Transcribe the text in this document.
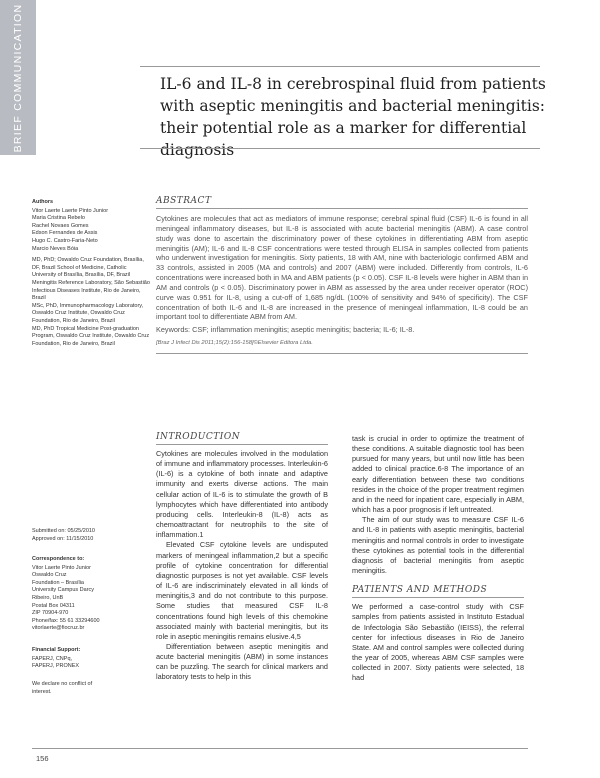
BRIEF COMMUNICATION	IL-6 and IL-8 in cerebrospinal fluid from patients with aseptic meningitis and bacterial meningitis: their potential role as a marker for differential diagnosis

Authors

Vitor Laerte Laerte Pinto Junior

Maria Cristina Rebelo

Rachel Novaes Gomes

Edson Fernandes de Assis

Hugo C. Castro-Faria-Neto

Marcio Neves Bóia

MD, PhD; Oswaldo Cruz Foundation, Brasília, DF, Brazil School of Medicine, Catholic University of Brasília, Brasília, DF, Brazil

Meningitis Reference Laboratory, São Sebastião Infectious Diseases Institute, Rio de Janeiro, Brazil

MSc, PhD, Immunopharmacology Laboratory, Oswaldo Cruz Institute, Oswaldo Cruz Foundation, Rio de Janeiro, Brazil

MD, PhD Tropical Medicine Post-graduation Program, Oswaldo Cruz Institute, Oswaldo Cruz Foundation, Rio de Janeiro, Brazil

Submitted on: 05/25/2010

Approved on: 11/15/2010

Correspondence to:

Vitor Laerte Pinto Junior

Oswaldo Cruz

Foundation – Brasília

University Campus Darcy

Ribeiro, UnB

Postal Box 04311

ZIP 70904-970

Phone/fax: 55 61 33294600

vitorlaerte@fiocruz.br

Financial Support:

FAPERJ, CNPq, FAPERJ, PRONEX

We declare no conflict of interest.

ABSTRACT

Cytokines are molecules that act as mediators of immune response; cerebral spinal fluid (CSF) IL-6 is found in all meningeal inflammatory diseases, but IL-8 is associated with acute bacterial meningitis (ABM). A case control study was done to ascertain the discriminatory power of these cytokines in differentiating ABM from aseptic meningitis (AM); IL-6 and IL-8 CSF concentrations were tested through ELISA in samples collected from patients who underwent investigation for meningitis. Sixty patients, 18 with AM, nine with bacteriologic confirmed ABM and 33 controls, assisted in 2005 (MA and controls) and 2007 (ABM) were included. Differently from controls, IL-6 concentrations were increased both in MA and ABM patients (p < 0.05). CSF IL-8 levels were higher in ABM than in AM and controls (p < 0.05). Discriminatory power in ABM as assessed by the area under receiver operator (ROC) curve was 0.951 for IL-8, using a cut-off of 1,685 ng/dL (100% of sensitivity and 94% of specificity). The CSF concentration of both IL-6 and IL-8 are increased in the presence of meningeal inflammation, IL-8 could be an important tool to differentiate ABM from AM.

Keywords: CSF; inflammation meningitis; aseptic meningitis; bacteria; IL-6; IL-8.
[Braz J Infect Dis 2011;15(2):156-158]©Elsevier Editora Ltda.
INTRODUCTION

Cytokines are molecules involved in the modulation of immune and inflammatory processes. Interleukin-6 (IL-6) is a cytokine of both innate and adaptive immunity and exerts diverse actions. The main cellular action of IL-6 is to stimulate the growth of B lymphocytes which have differentiated into antibody producing cells. Interleukin-8 (IL-8) acts as chemoattractant for neutrophils to the site of inflammation.1

Elevated CSF cytokine levels are undisputed markers of meningeal inflammation,2 but a specific profile of cytokine concentration for differential diagnostic purposes is not yet available. CSF levels of IL-6 are indiscriminately elevated in all kinds of meningitis,3 and do not contribute to this purpose. Some studies that measured CSF IL-8 concentrations found high levels of this chemokine associated mainly with bacterial meningitis, but its role in aseptic meningitis remains elusive.4,5

Differentiation between aseptic meningitis and acute bacterial meningitis (ABM) in some instances can be puzzling. The search for clinical markers and laboratory tests to help in this

task is crucial in order to optimize the treatment of these conditions. A suitable diagnostic tool has been pursued for many years, but until now little has been added to clinical practice.6-8 The importance of an early differentiation between these two conditions resides in the choice of the proper treatment regimen and in the need for inpatient care, especially in ABM, which has a poor prognosis if left untreated.

The aim of our study was to measure CSF IL-6 and IL-8 in patients with aseptic meningitis, bacterial meningitis and normal controls in order to investigate these cytokines as potential tools in the differential diagnosis of bacterial meningitis from aseptic meningitis.

PATIENTS AND METHODS

We performed a case-control study with CSF samples from patients assisted in Instituto Estadual de Infectologia São Sebastião (IEISS), the referral center for infectious diseases in Rio de Janeiro State. AM and control samples were collected during the year of 2005, whereas ABM CSF samples were collected in 2007. Sixty patients were selected, 18 had

156
